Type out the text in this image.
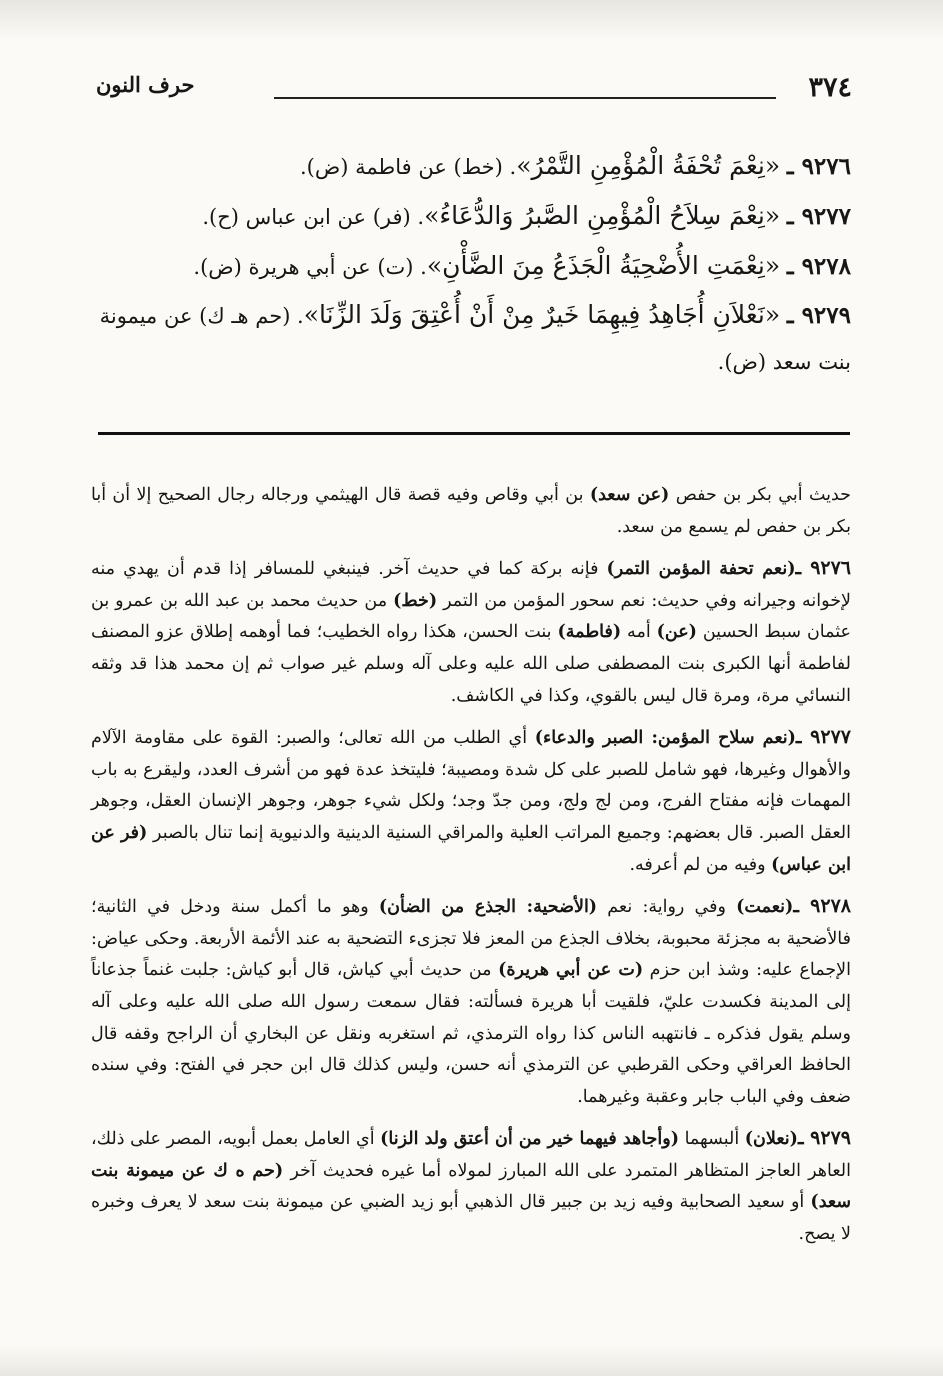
٣٧٤
حرف النون
٩٢٧٦ ـ «نِعْمَ تُحْفَةُ الْمُؤْمِنِ التَّمْرُ». (خط) عن فاطمة (ض).
٩٢٧٧ ـ «نِعْمَ سِلاَحُ الْمُؤْمِنِ الصَّبرُ وَالدُّعَاءُ». (فر) عن ابن عباس (ح).
٩٢٧٨ ـ «نِعْمَتِ الأُضْحِيَةُ الْجَذَعُ مِنَ الضَّأْنِ». (ت) عن أبي هريرة (ض).
٩٢٧٩ ـ «نَعْلاَنِ أُجَاهِدُ فِيهِمَا خَيرٌ مِنْ أَنْ أُعْتِقَ وَلَدَ الزِّنَا». (حم هـ ك) عن ميمونة بنت سعد (ض).

حديث أبي بكر بن حفص (عن سعد) بن أبي وقاص وفيه قصة قال الهيثمي ورجاله رجال الصحيح إلا أن أبا بكر بن حفص لم يسمع من سعد.

٩٢٧٦ ـ(نعم تحفة المؤمن التمر) فإنه بركة كما في حديث آخر. فينبغي للمسافر إذا قدم أن يهدي منه لإخوانه وجيرانه وفي حديث: نعم سحور المؤمن من التمر (خط) من حديث محمد بن عبد الله بن عمرو بن عثمان سبط الحسين (عن) أمه (فاطمة) بنت الحسن، هكذا رواه الخطيب؛ فما أوهمه إطلاق عزو المصنف لفاطمة أنها الكبرى بنت المصطفى صلى الله عليه وعلى آله وسلم غير صواب ثم إن محمد هذا قد وثقه النسائي مرة، ومرة قال ليس بالقوي، وكذا في الكاشف.

٩٢٧٧ ـ(نعم سلاح المؤمن: الصبر والدعاء) أي الطلب من الله تعالى؛ والصبر: القوة على مقاومة الآلام والأهوال وغيرها، فهو شامل للصبر على كل شدة ومصيبة؛ فليتخذ عدة فهو من أشرف العدد، وليقرع به باب المهمات فإنه مفتاح الفرج، ومن لج ولج، ومن جدّ وجد؛ ولكل شيء جوهر، وجوهر الإنسان العقل، وجوهر العقل الصبر. قال بعضهم: وجميع المراتب العلية والمراقي السنية الدينية والدنيوية إنما تنال بالصبر (فر عن ابن عباس) وفيه من لم أعرفه.

٩٢٧٨ ـ(نعمت) وفي رواية: نعم (الأضحية: الجذع من الضأن) وهو ما أكمل سنة ودخل في الثانية؛ فالأضحية به مجزئة محبوبة، بخلاف الجذع من المعز فلا تجزىء التضحية به عند الأئمة الأربعة. وحكى عياض: الإجماع عليه: وشذ ابن حزم (ت عن أبي هريرة) من حديث أبي كياش، قال أبو كياش: جلبت غنماً جذعاناً إلى المدينة فكسدت عليّ، فلقيت أبا هريرة فسألته: فقال سمعت رسول الله صلى الله عليه وعلى آله وسلم يقول فذكره ـ فانتهبه الناس كذا رواه الترمذي، ثم استغربه ونقل عن البخاري أن الراجح وقفه قال الحافظ العراقي وحكى القرطبي عن الترمذي أنه حسن، وليس كذلك قال ابن حجر في الفتح: وفي سنده ضعف وفي الباب جابر وعقبة وغيرهما.

٩٢٧٩ ـ(نعلان) ألبسهما (وأجاهد فيهما خير من أن أعتق ولد الزنا) أي العامل بعمل أبويه، المصر على ذلك، العاهر العاجز المتظاهر المتمرد على الله المبارز لمولاه أما غيره فحديث آخر (حم ه ك عن ميمونة بنت سعد) أو سعيد الصحابية وفيه زيد بن جبير قال الذهبي أبو زيد الضبي عن ميمونة بنت سعد لا يعرف وخبره لا يصح.
